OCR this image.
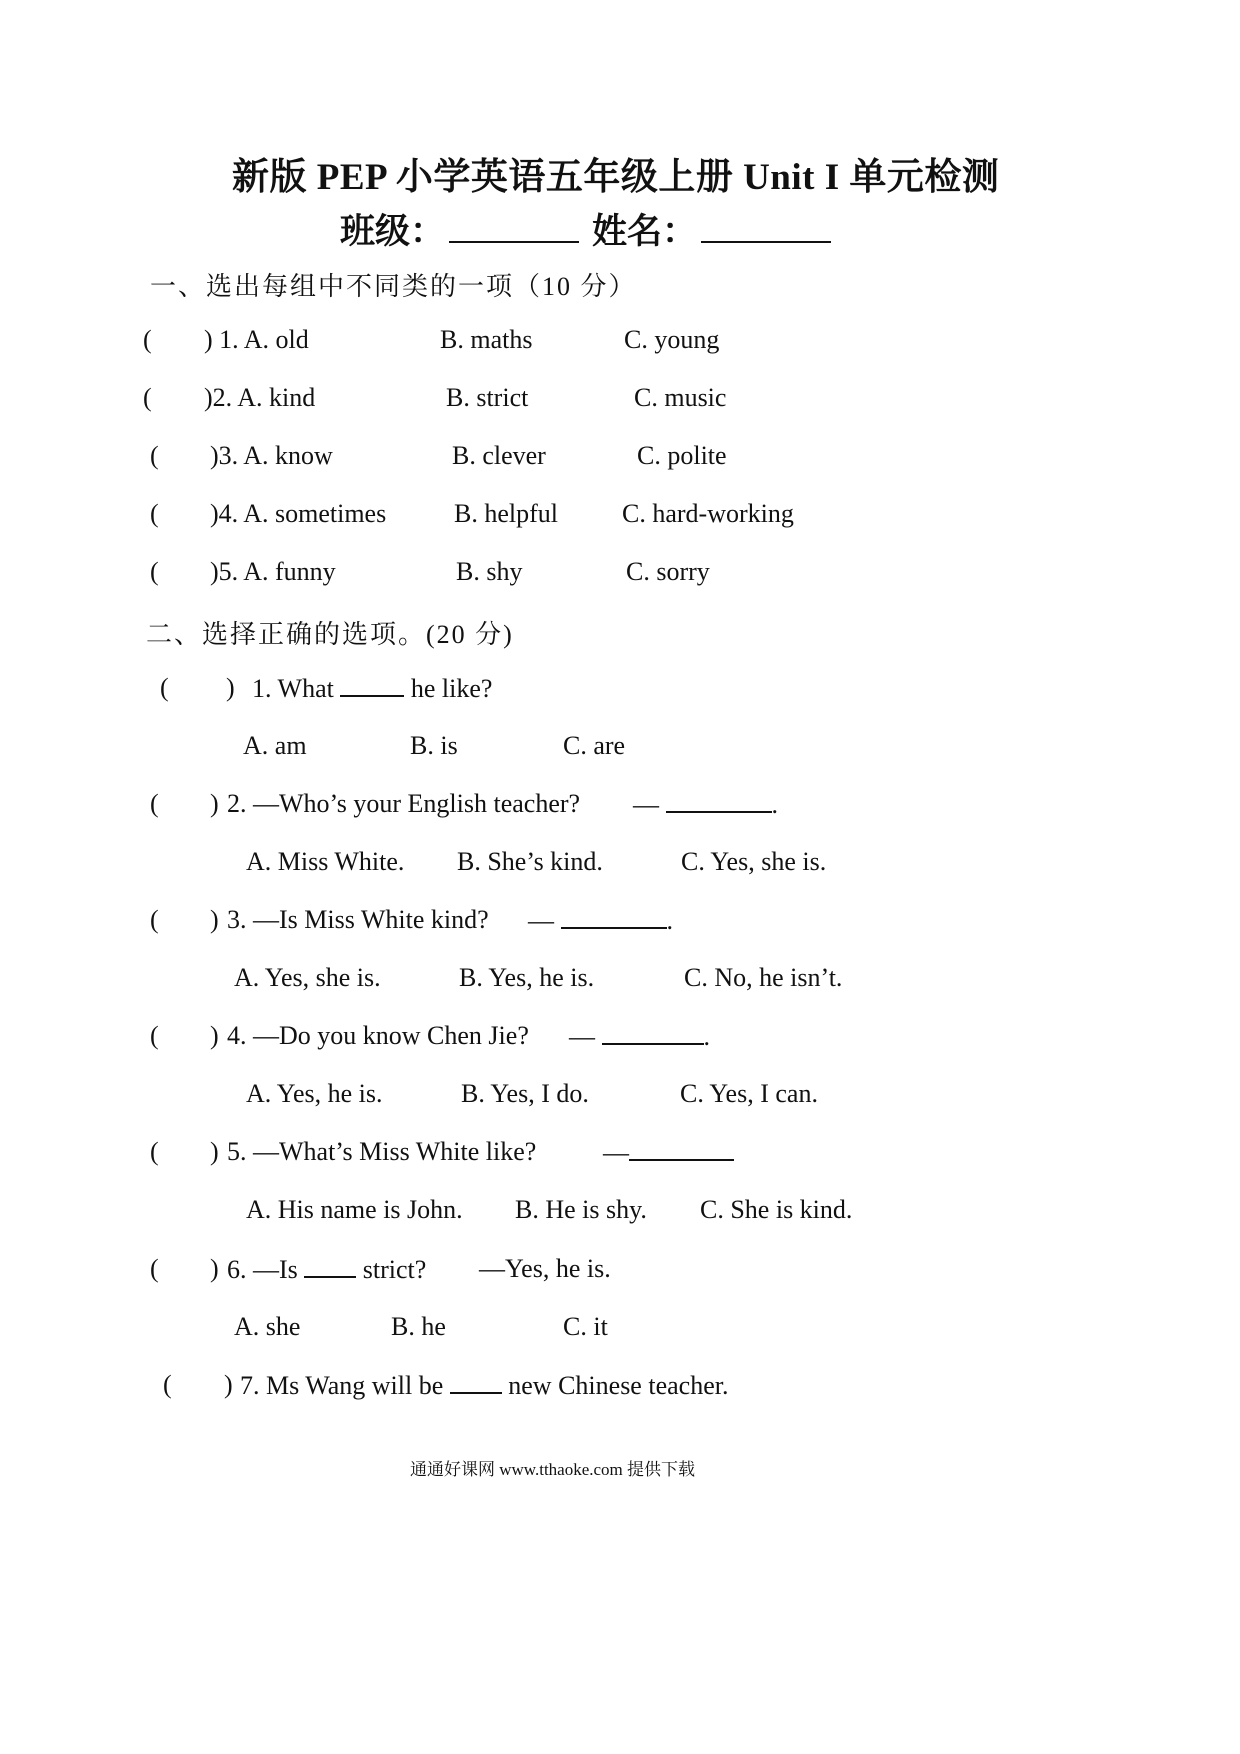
新版 PEP 小学英语五年级上册 Unit I 单元检测
班级：	姓名：
一、选出每组中不同类的一项（10 分）
( ) 1. A. old	B. maths	C. young
( )2. A. kind	B. strict	C. music
( )3. A. know	B. clever	C. polite
( )4. A. sometimes	B. helpful C. hard-working
( )5. A. funny	B. shy	C. sorry
二、选择正确的选项。(20 分)
( ) 1. What	he like?
A. am	B. is	C. are
( ) 2. —Who’s your English teacher? —	.
A. Miss White. B. She’s kind.	C. Yes, she is.
( ) 3. —Is Miss White kind? —	.
A. Yes, she is.	B. Yes, he is.	C. No, he isn’t.
( ) 4. —Do you know Chen Jie? —	.
A. Yes, he is.	B. Yes, I do.	C. Yes, I can.
( ) 5. —What’s Miss White like?	—
A. His name is John. B. He is shy. C. She is kind.
( ) 6. —Is	strict? —Yes, he is.
A. she	B. he	C. it
( ) 7. Ms Wang will be	new Chinese teacher.
通通好课网 www.tthaoke.com 提供下载
